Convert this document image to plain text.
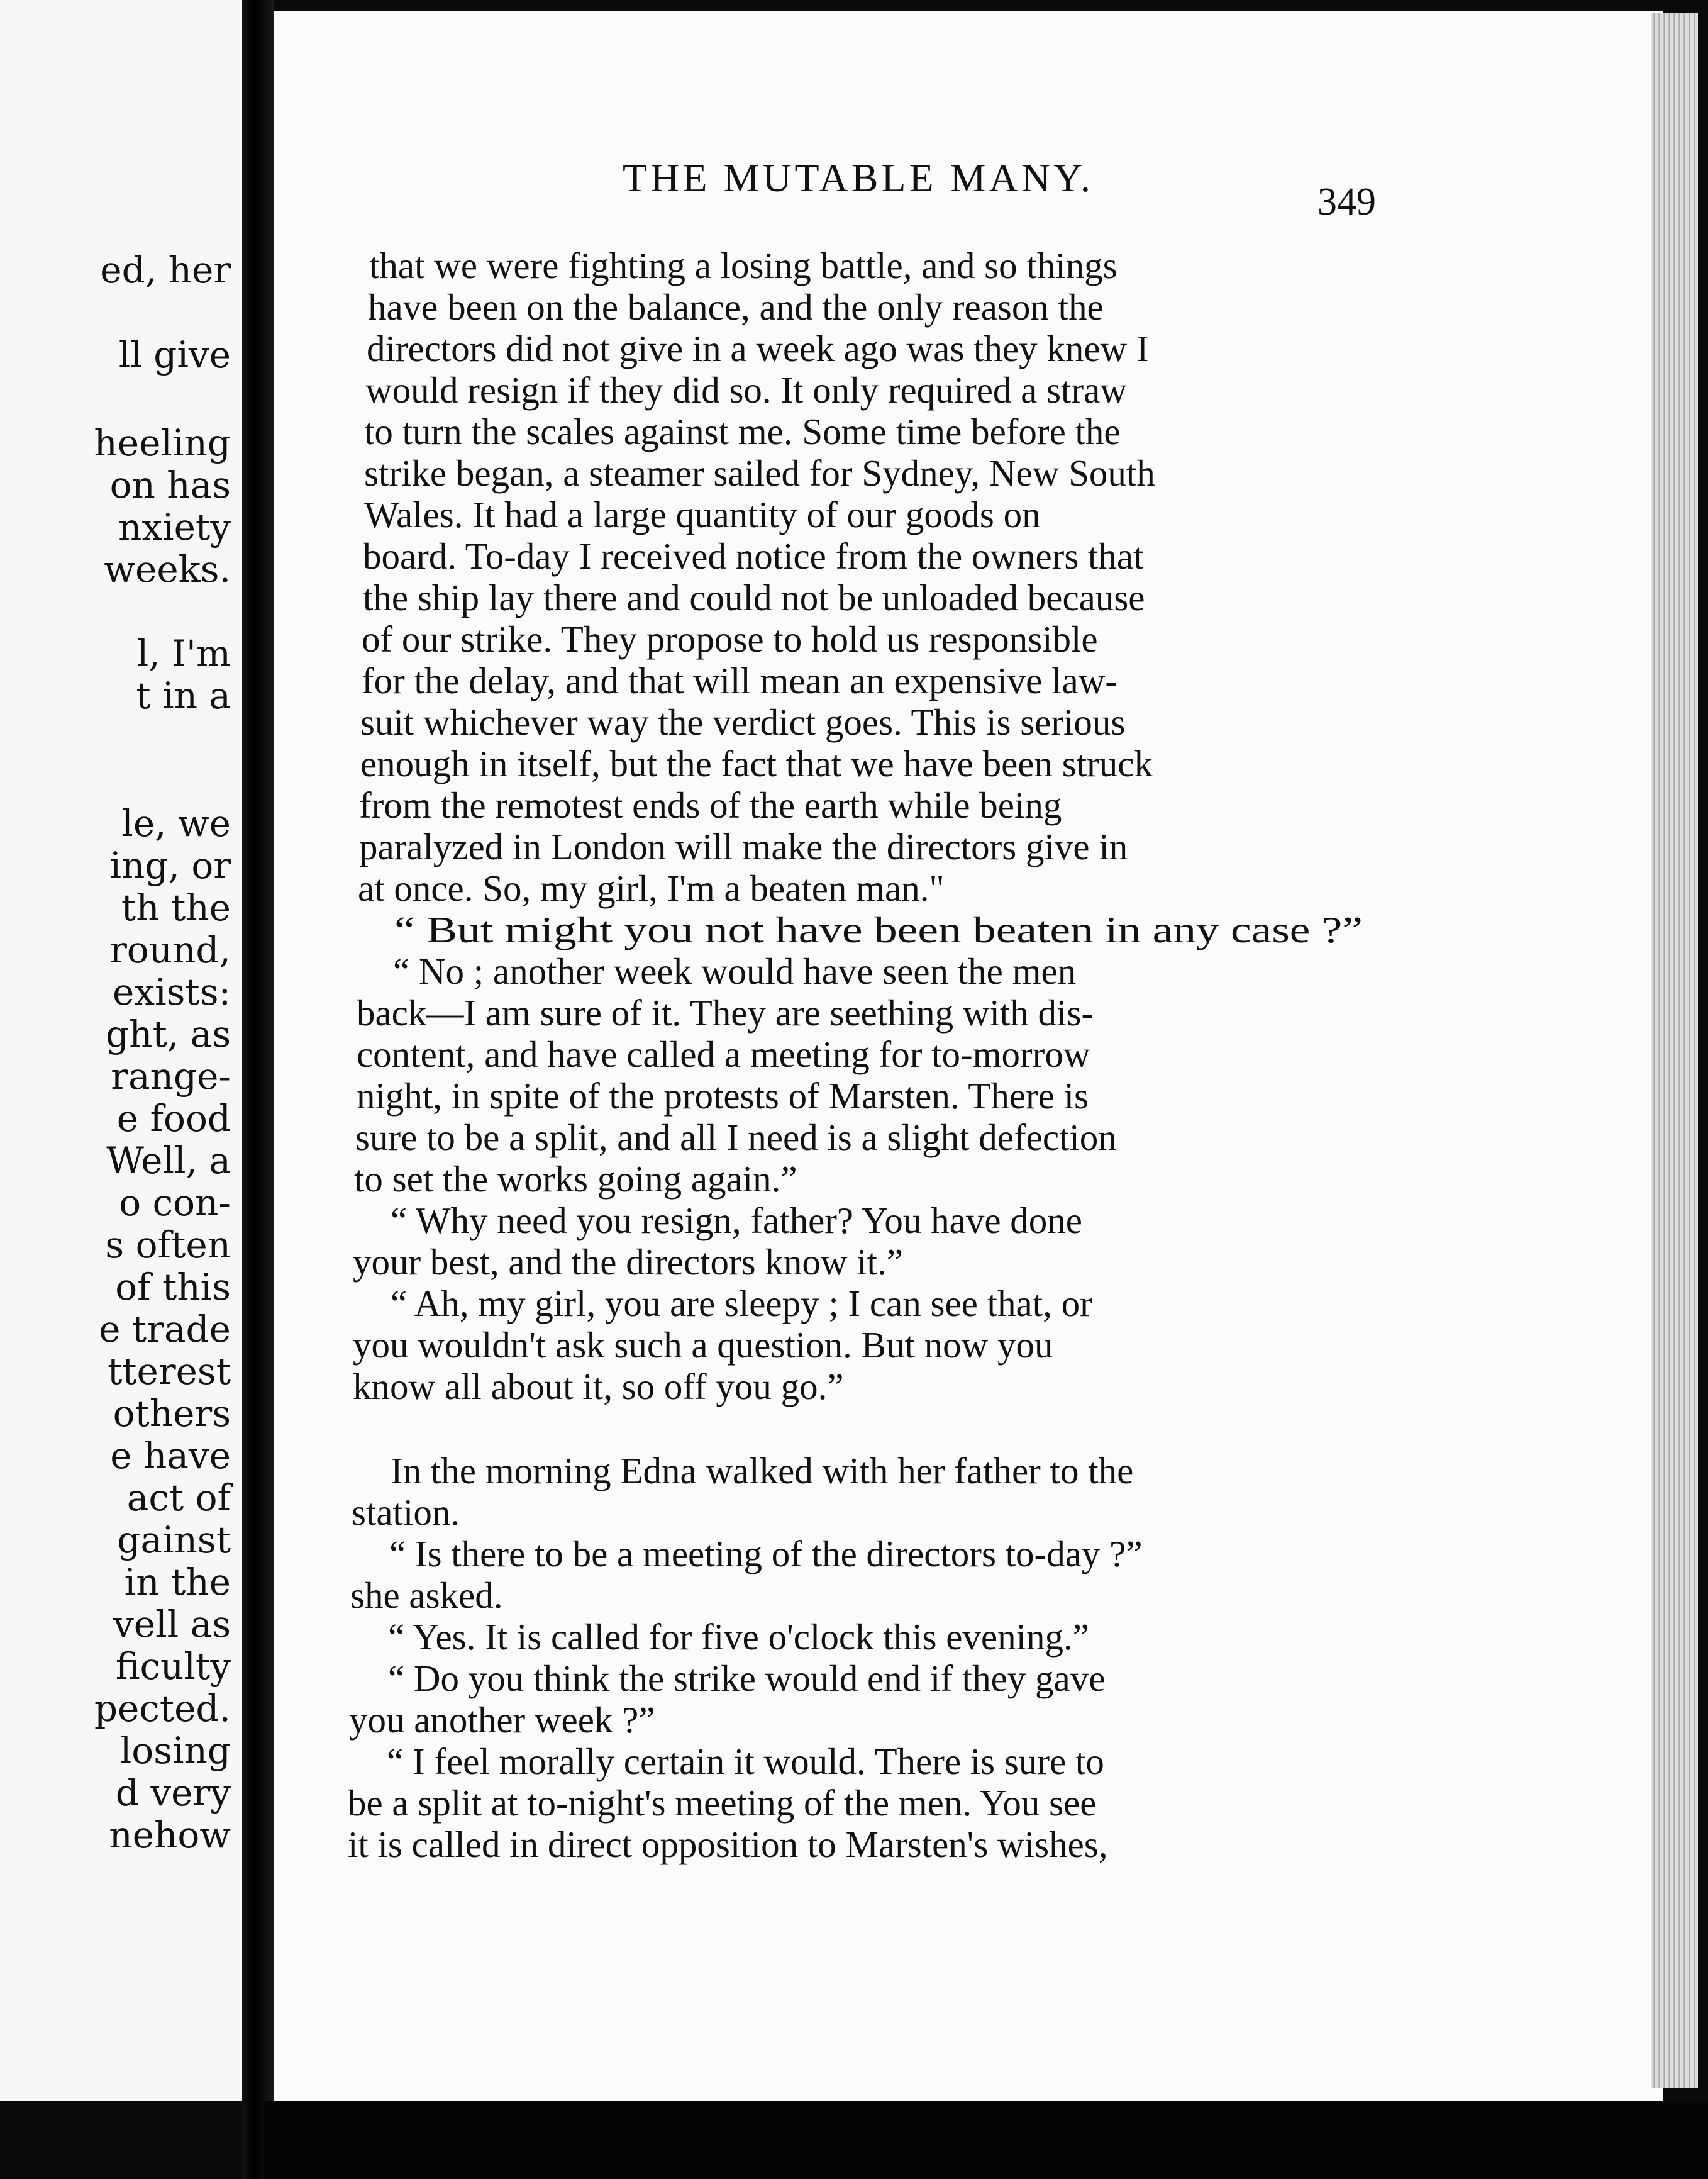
ed, her
ll give
heeling
on has
nxiety
weeks.
l, I'm
t in a
le, we
ing, or
th the
round,
exists:
ght, as
range-
e food
Well, a
o con-
s often
of this
e trade
tterest
others
e have
act of
gainst
in the
vell as
ficulty
pected.
losing
d very
nehow
THE MUTABLE MANY.
349
that we were fighting a losing battle, and so things
have been on the balance, and the only reason the
directors did not give in a week ago was they knew I
would resign if they did so. It only required a straw
to turn the scales against me. Some time before the
strike began, a steamer sailed for Sydney, New South
Wales. It had a large quantity of our goods on
board. To-day I received notice from the owners that
the ship lay there and could not be unloaded because
of our strike. They propose to hold us responsible
for the delay, and that will mean an expensive law-
suit whichever way the verdict goes. This is serious
enough in itself, but the fact that we have been struck
from the remotest ends of the earth while being
paralyzed in London will make the directors give in
at once. So, my girl, I'm a beaten man."
“ But might you not have been beaten in any case ?”
“ No ; another week would have seen the men
back—I am sure of it. They are seething with dis-
content, and have called a meeting for to-morrow
night, in spite of the protests of Marsten. There is
sure to be a split, and all I need is a slight defection
to set the works going again.”
“ Why need you resign, father? You have done
your best, and the directors know it.”
“ Ah, my girl, you are sleepy ; I can see that, or
you wouldn't ask such a question. But now you
know all about it, so off you go.”
In the morning Edna walked with her father to the
station.
“ Is there to be a meeting of the directors to-day ?”
she asked.
“ Yes. It is called for five o'clock this evening.”
“ Do you think the strike would end if they gave
you another week ?”
“ I feel morally certain it would. There is sure to
be a split at to-night's meeting of the men. You see
it is called in direct opposition to Marsten's wishes,
